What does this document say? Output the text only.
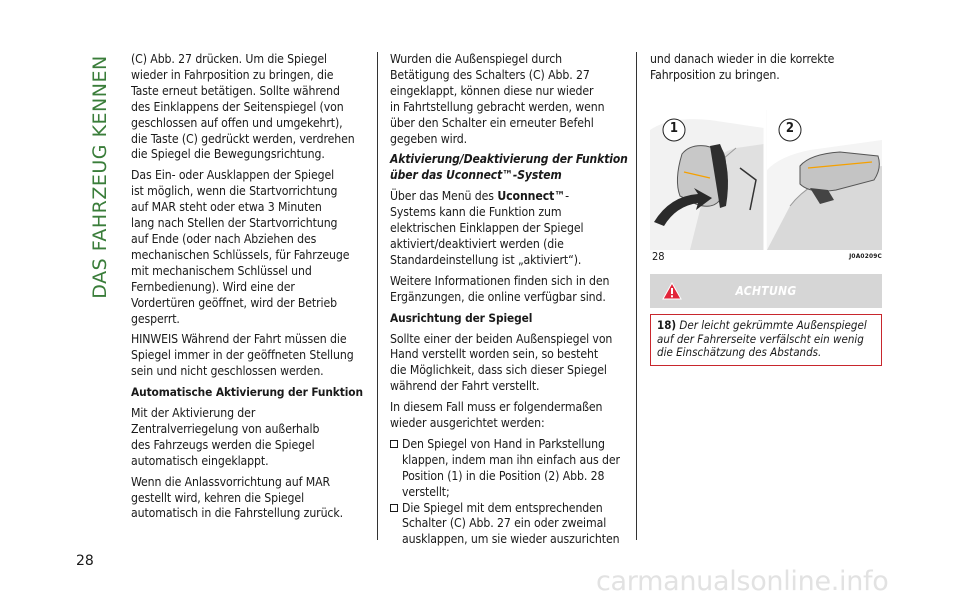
DAS FAHRZEUG KENNEN
28

(C) Abb. 27 drücken. Um die Spiegel
wieder in Fahrposition zu bringen, die
Taste erneut betätigen. Sollte während
des Einklappens der Seitenspiegel (von
geschlossen auf offen und umgekehrt),
die Taste (C) gedrückt werden, verdrehen
die Spiegel die Bewegungsrichtung.

Das Ein- oder Ausklappen der Spiegel
ist möglich, wenn die Startvorrichtung
auf MAR steht oder etwa 3 Minuten
lang nach Stellen der Startvorrichtung
auf Ende (oder nach Abziehen des
mechanischen Schlüssels, für Fahrzeuge
mit mechanischem Schlüssel und
Fernbedienung). Wird eine der
Vordertüren geöffnet, wird der Betrieb
gesperrt.

HINWEIS Während der Fahrt müssen die
Spiegel immer in der geöffneten Stellung
sein und nicht geschlossen werden.

Automatische Aktivierung der Funktion

Mit der Aktivierung der
Zentralverriegelung von außerhalb
des Fahrzeugs werden die Spiegel
automatisch eingeklappt.

Wenn die Anlassvorrichtung auf MAR
gestellt wird, kehren die Spiegel
automatisch in die Fahrstellung zurück.

Wurden die Außenspiegel durch
Betätigung des Schalters (C) Abb. 27
eingeklappt, können diese nur wieder
in Fahrtstellung gebracht werden, wenn
über den Schalter ein erneuter Befehl
gegeben wird.

Aktivierung/Deaktivierung der Funktion
über das Uconnect™-System

Über das Menü des Uconnect™-
Systems kann die Funktion zum
elektrischen Einklappen der Spiegel
aktiviert/deaktiviert werden (die
Standardeinstellung ist „aktiviert“).

Weitere Informationen finden sich in den
Ergänzungen, die online verfügbar sind.

Ausrichtung der Spiegel

Sollte einer der beiden Außenspiegel von
Hand verstellt worden sein, so besteht
die Möglichkeit, dass sich dieser Spiegel
während der Fahrt verstellt.

In diesem Fall muss er folgendermaßen
wieder ausgerichtet werden:

Den Spiegel von Hand in Parkstellung
klappen, indem man ihn einfach aus der
Position (1) in die Position (2) Abb. 28
verstellt;

Die Spiegel mit dem entsprechenden
Schalter (C) Abb. 27 ein oder zweimal
ausklappen, um sie wieder auszurichten

und danach wieder in die korrekte
Fahrposition zu bringen.

1	2
28	J0A0209C
ACHTUNG
18) Der leicht gekrümmte Außenspiegel
auf der Fahrerseite verfälscht ein wenig
die Einschätzung des Abstands.
carmanualsonline.info
